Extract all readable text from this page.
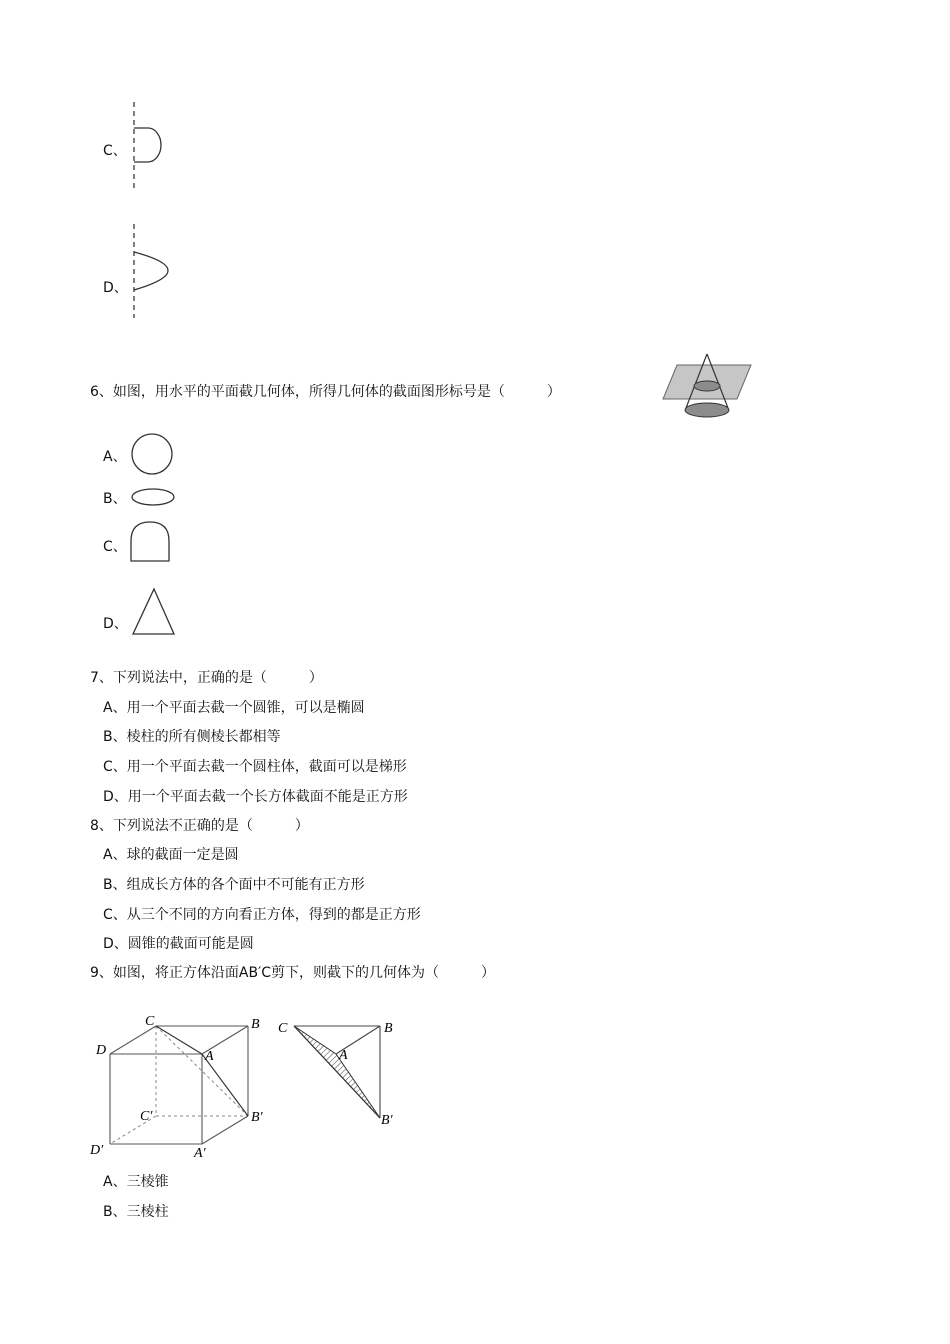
C、
D、
6、如图，用水平的平面截几何体，所得几何体的截面图形标号是（　　　）
A、
B、
C、
D、
7、下列说法中，正确的是（　　　）
A、用一个平面去截一个圆锥，可以是椭圆
B、棱柱的所有侧棱长都相等
C、用一个平面去截一个圆柱体，截面可以是梯形
D、用一个平面去截一个长方体截面不能是正方形
8、下列说法不正确的是（　　　）
A、球的截面一定是圆
B、组成长方体的各个面中不可能有正方形
C、从三个不同的方向看正方体，得到的都是正方形
D、圆锥的截面可能是圆
9、如图，将正方体沿面AB′C剪下，则截下的几何体为（　　　）
C	B
D	A
C′	B′
D′	A′
C	B
A
B′
A、三棱锥
B、三棱柱
